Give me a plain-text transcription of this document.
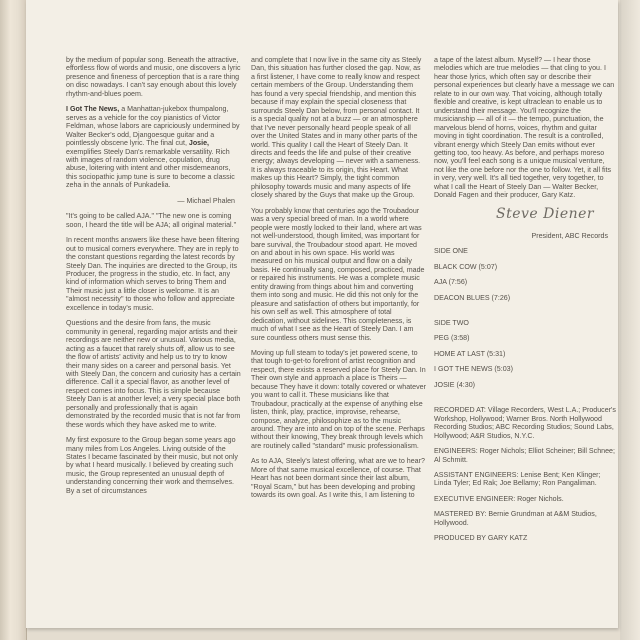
by the medium of popular song. Beneath the attractive, effortless flow of words and music, one discovers a lyric presence and fineness of perception that is a rare thing on disc nowadays. I can't say enough about this lovely rhythm-and-blues poem.

I Got The News, a Manhattan-jukebox thumpalong, serves as a vehicle for the coy pianistics of Victor Feldman, whose labors are capriciously undermined by Walter Becker's odd, Djangoesque guitar and a pointlessly obscene lyric. The final cut, Josie, exemplifies Steely Dan's remarkable versatility. Rich with images of random violence, copulation, drug abuse, loitering with intent and other misdemeanors, this sociopathic jump tune is sure to become a classic zeha in the annals of Punkadelia.

— Michael Phalen

"It's going to be called AJA." "The new one is coming soon, I heard the title will be AJA; all original material."

In recent months answers like these have been filtering out to musical corners everywhere. They are in reply to the constant questions regarding the latest records by Steely Dan. The inquiries are directed to the Group, its Producer, the progress in the studio, etc. In fact, any kind of information which serves to bring Them and Their music just a little closer is welcome. It is an "almost necessity" to those who follow and appreciate excellence in today's music.

Questions and the desire from fans, the music community in general, regarding major artists and their recordings are neither new or unusual. Various media, acting as a faucet that rarely shuts off, allow us to see the flow of artists' activity and help us to try to know their many sides on a career and personal basis. Yet with Steely Dan, the concern and curiosity has a certain difference. Call it a special flavor, as another level of respect comes into focus. This is simple because Steely Dan is at another level; a very special place both personally and professionally that is again demonstrated by the recorded music that is not far from these words which they have asked me to write.

My first exposure to the Group began some years ago many miles from Los Angeles. Living outside of the States I became fascinated by their music, but not only by what I heard musically. I believed by creating such music, the Group represented an unusual depth of understanding concerning their work and themselves. By a set of circumstances

and complete that I now live in the same city as Steely Dan, this situation has further closed the gap. Now, as a first listener, I have come to really know and respect certain members of the Group. Understanding them has found a very special friendship, and mention this because if may explain the special closeness that surrounds Steely Dan below, from personal contact. It is a special quality not at a buzz — or an atmosphere that I've never personally heard people speak of all over the United States and in many other parts of the world. This quality I call the Heart of Steely Dan. It directs and feeds the life and pulse of their creative energy; always developing — never with a sameness. It is always traceable to its origin, this Heart. What makes up this Heart? Simply, the tight common philosophy towards music and many aspects of life closely shared by the Guys that make up the Group.

You probably know that centuries ago the Troubadour was a very special breed of man. In a world where people were mostly locked to their land, where art was not well-understood, though limited, was important for bare survival, the Troubadour stood apart. He moved on and about in his own space. His world was measured on his musical output and flow on a daily basis. He continually sang, composed, practiced, made or repaired his instruments. He was a complete music entity drawing from things about him and converting them into song and music. He did this not only for the pleasure and satisfaction of others but importantly, for his own self as well. This atmosphere of total dedication, without sidelines. This completeness, is much of what I see as the Heart of Steely Dan. I am sure countless others must sense this.

Moving up full steam to today's jet powered scene, to that tough to-get-to forefront of artist recognition and respect, there exists a reserved place for Steely Dan. In Their own style and approach a place is Theirs — because They have it down: totally covered or whatever you want to call it. These musicians like that Troubadour, practically at the expense of anything else listen, think, play, practice, improvise, rehearse, compose, analyze, philosophize as to the music around. They are into and on top of the scene. Perhaps without their knowing, They break through levels which are routinely called "standard" music professionalism.

As to AJA, Steely's latest offering, what are we to hear? More of that same musical excellence, of course. That Heart has not been dormant since their last album, "Royal Scam," but has been developing and probing towards its own goal. As I write this, I am listening to

a tape of the latest album. Myself? — I hear those melodies which are true melodies — that cling to you. I hear those lyrics, which often say or describe their personal experiences but clearly have a message we can relate to in our own way. That voicing, although totally flexible and creative, is kept ultraclean to enable us to understand their message. You'll recognize the musicianship — all of it — the tempo, punctuation, the marvelous blend of horns, voices, rhythm and guitar moving in tight coordination. The result is a controlled, vibrant energy which Steely Dan emits without ever getting too, too heavy. As before, and perhaps moreso now, you'll feel each song is a unique musical venture, not like the one before nor the one to follow. Yet, it all fits in very, very well. It's all tied together, very together, to what I call the Heart of Steely Dan — Walter Becker, Donald Fagen and their producer, Gary Katz.

Steve Diener

President, ABC Records

SIDE ONE

BLACK COW (5:07)

AJA (7:56)

DEACON BLUES (7:26)

SIDE TWO

PEG (3:58)

HOME AT LAST (5:31)

I GOT THE NEWS (5:03)

JOSIE (4:30)

RECORDED AT: Village Recorders, West L.A.; Producer's Workshop, Hollywood; Warner Bros. North Hollywood Recording Studios; ABC Recording Studios; Sound Labs, Hollywood; A&R Studios, N.Y.C.

ENGINEERS: Roger Nichols; Elliot Scheiner; Bill Schnee; Al Schmitt.

ASSISTANT ENGINEERS: Lenise Bent; Ken Klinger; Linda Tyler; Ed Rak; Joe Bellamy; Ron Pangaliman.

EXECUTIVE ENGINEER: Roger Nichols.

MASTERED BY: Bernie Grundman at A&M Studios, Hollywood.

PRODUCED BY GARY KATZ
